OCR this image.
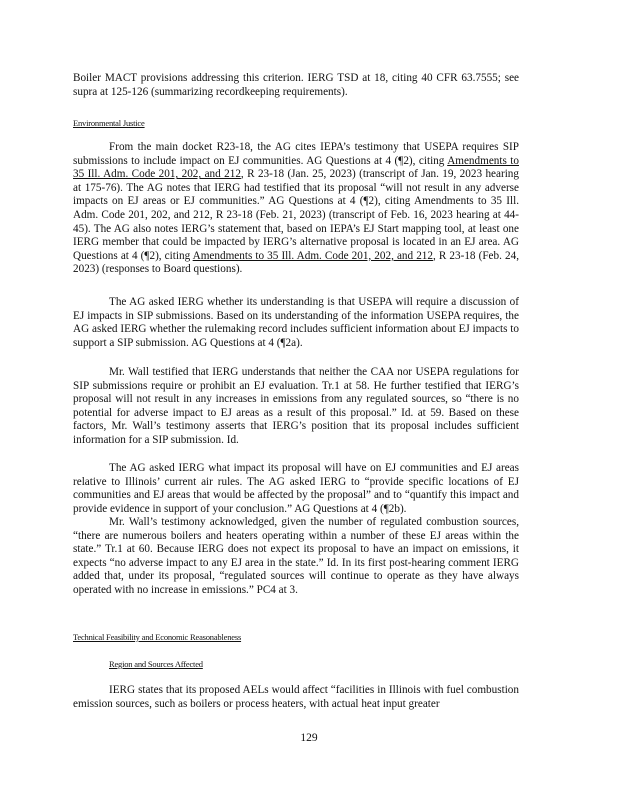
Boiler MACT provisions addressing this criterion. IERG TSD at 18, citing 40 CFR 63.7555; see supra at 125-126 (summarizing recordkeeping requirements).

Environmental Justice

From the main docket R23-18, the AG cites IEPA’s testimony that USEPA requires SIP submissions to include impact on EJ communities. AG Questions at 4 (¶2), citing Amendments to 35 Ill. Adm. Code 201, 202, and 212, R 23-18 (Jan. 25, 2023) (transcript of Jan. 19, 2023 hearing at 175-76). The AG notes that IERG had testified that its proposal “will not result in any adverse impacts on EJ areas or EJ communities.” AG Questions at 4 (¶2), citing Amendments to 35 Ill. Adm. Code 201, 202, and 212, R 23-18 (Feb. 21, 2023) (transcript of Feb. 16, 2023 hearing at 44-45). The AG also notes IERG’s statement that, based on IEPA’s EJ Start mapping tool, at least one IERG member that could be impacted by IERG’s alternative proposal is located in an EJ area. AG Questions at 4 (¶2), citing Amendments to 35 Ill. Adm. Code 201, 202, and 212, R 23-18 (Feb. 24, 2023) (responses to Board questions).

The AG asked IERG whether its understanding is that USEPA will require a discussion of EJ impacts in SIP submissions. Based on its understanding of the information USEPA requires, the AG asked IERG whether the rulemaking record includes sufficient information about EJ impacts to support a SIP submission. AG Questions at 4 (¶2a).

Mr. Wall testified that IERG understands that neither the CAA nor USEPA regulations for SIP submissions require or prohibit an EJ evaluation. Tr.1 at 58. He further testified that IERG’s proposal will not result in any increases in emissions from any regulated sources, so “there is no potential for adverse impact to EJ areas as a result of this proposal.” Id. at 59. Based on these factors, Mr. Wall’s testimony asserts that IERG’s position that its proposal includes sufficient information for a SIP submission. Id.

The AG asked IERG what impact its proposal will have on EJ communities and EJ areas relative to Illinois’ current air rules. The AG asked IERG to “provide specific locations of EJ communities and EJ areas that would be affected by the proposal” and to “quantify this impact and provide evidence in support of your conclusion.” AG Questions at 4 (¶2b).

Mr. Wall’s testimony acknowledged, given the number of regulated combustion sources, “there are numerous boilers and heaters operating within a number of these EJ areas within the state.” Tr.1 at 60. Because IERG does not expect its proposal to have an impact on emissions, it expects “no adverse impact to any EJ area in the state.” Id. In its first post-hearing comment IERG added that, under its proposal, “regulated sources will continue to operate as they have always operated with no increase in emissions.” PC4 at 3.

Technical Feasibility and Economic Reasonableness

Region and Sources Affected

IERG states that its proposed AELs would affect “facilities in Illinois with fuel combustion emission sources, such as boilers or process heaters, with actual heat input greater

129
